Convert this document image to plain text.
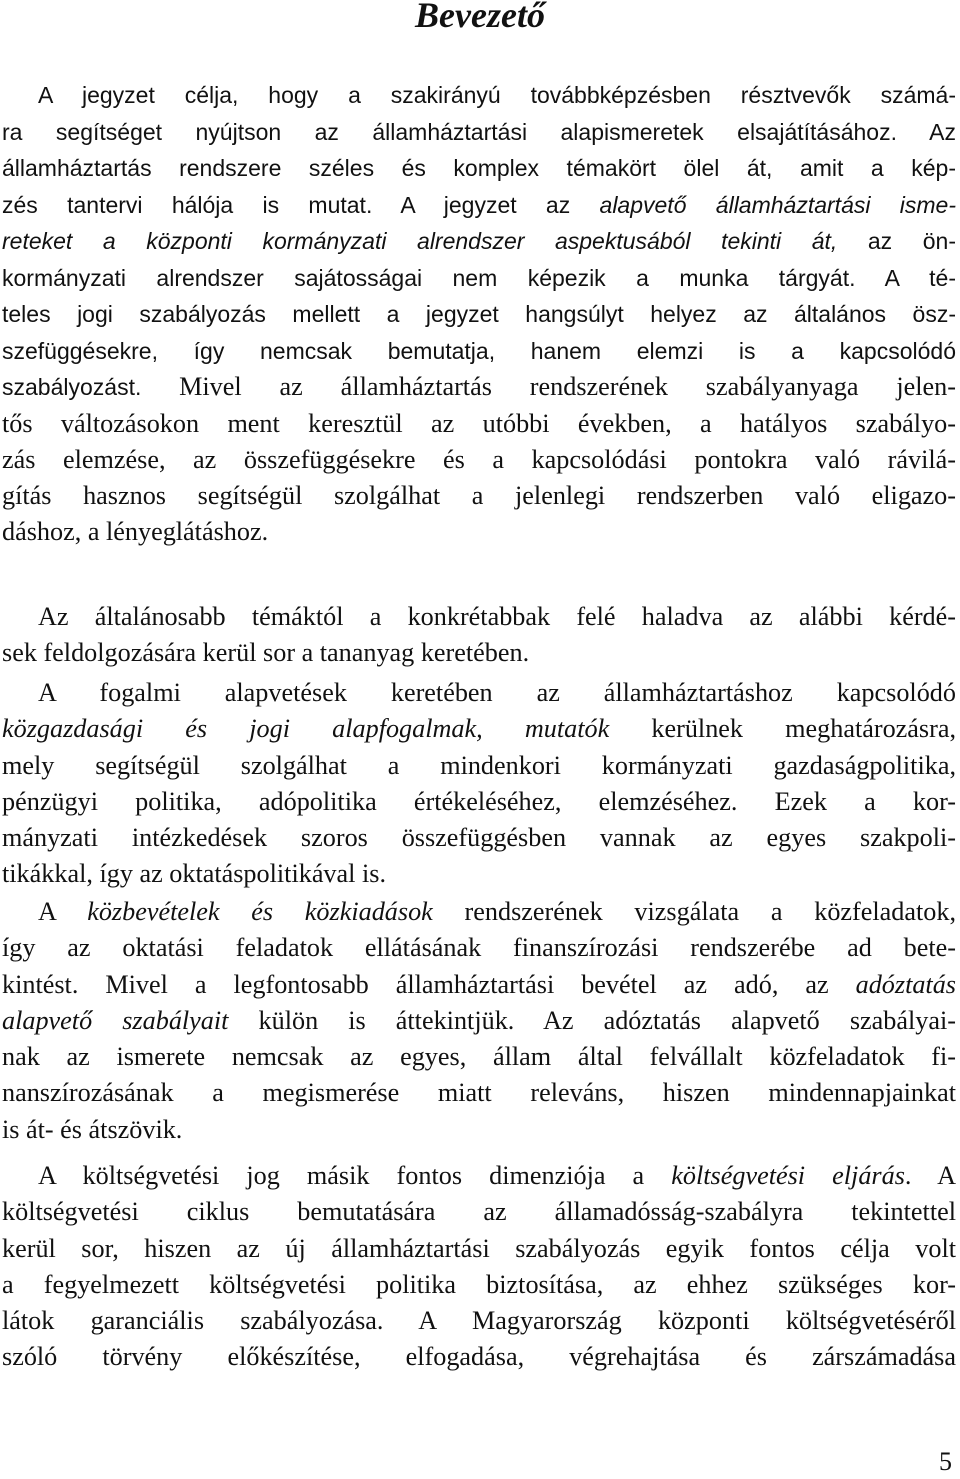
Bevezető
A jegyzet célja, hogy a szakirányú továbbképzésben résztvevők számá-
ra segítséget nyújtson az államháztartási alapismeretek elsajátításához. Az
államháztartás rendszere széles és komplex témakört ölel át, amit a kép-
zés tantervi hálója is mutat. A jegyzet az alapvető államháztartási isme-
reteket a központi kormányzati alrendszer aspektusából tekinti át, az ön-
kormányzati alrendszer sajátosságai nem képezik a munka tárgyát. A té-
teles jogi szabályozás mellett a jegyzet hangsúlyt helyez az általános ösz-
szefüggésekre, így nemcsak bemutatja, hanem elemzi is a kapcsolódó
szabályozást. Mivel az államháztartás rendszerének szabályanyaga jelen-
tős változásokon ment keresztül az utóbbi években, a hatályos szabályo-
zás elemzése, az összefüggésekre és a kapcsolódási pontokra való rávilá-
gítás hasznos segítségül szolgálhat a jelenlegi rendszerben való eligazo-
dáshoz, a lényeglátáshoz.
Az általánosabb témáktól a konkrétabbak felé haladva az alábbi kérdé-
sek feldolgozására kerül sor a tananyag keretében.
A fogalmi alapvetések keretében az államháztartáshoz kapcsolódó
közgazdasági és jogi alapfogalmak, mutatók kerülnek meghatározásra,
mely segítségül szolgálhat a mindenkori kormányzati gazdaságpolitika,
pénzügyi politika, adópolitika értékeléséhez, elemzéséhez. Ezek a kor-
mányzati intézkedések szoros összefüggésben vannak az egyes szakpoli-
tikákkal, így az oktatáspolitikával is.
A közbevételek és közkiadások rendszerének vizsgálata a közfeladatok,
így az oktatási feladatok ellátásának finanszírozási rendszerébe ad bete-
kintést. Mivel a legfontosabb államháztartási bevétel az adó, az adóztatás
alapvető szabályait külön is áttekintjük. Az adóztatás alapvető szabályai-
nak az ismerete nemcsak az egyes, állam által felvállalt közfeladatok fi-
nanszírozásának a megismerése miatt releváns, hiszen mindennapjainkat
is át- és átszövik.
A költségvetési jog másik fontos dimenziója a költségvetési eljárás. A
költségvetési ciklus bemutatására az államadósság-szabályra tekintettel
kerül sor, hiszen az új államháztartási szabályozás egyik fontos célja volt
a fegyelmezett költségvetési politika biztosítása, az ehhez szükséges kor-
látok garanciális szabályozása. A Magyarország központi költségvetéséről
szóló törvény előkészítése, elfogadása, végrehajtása és zárszámadása
5
